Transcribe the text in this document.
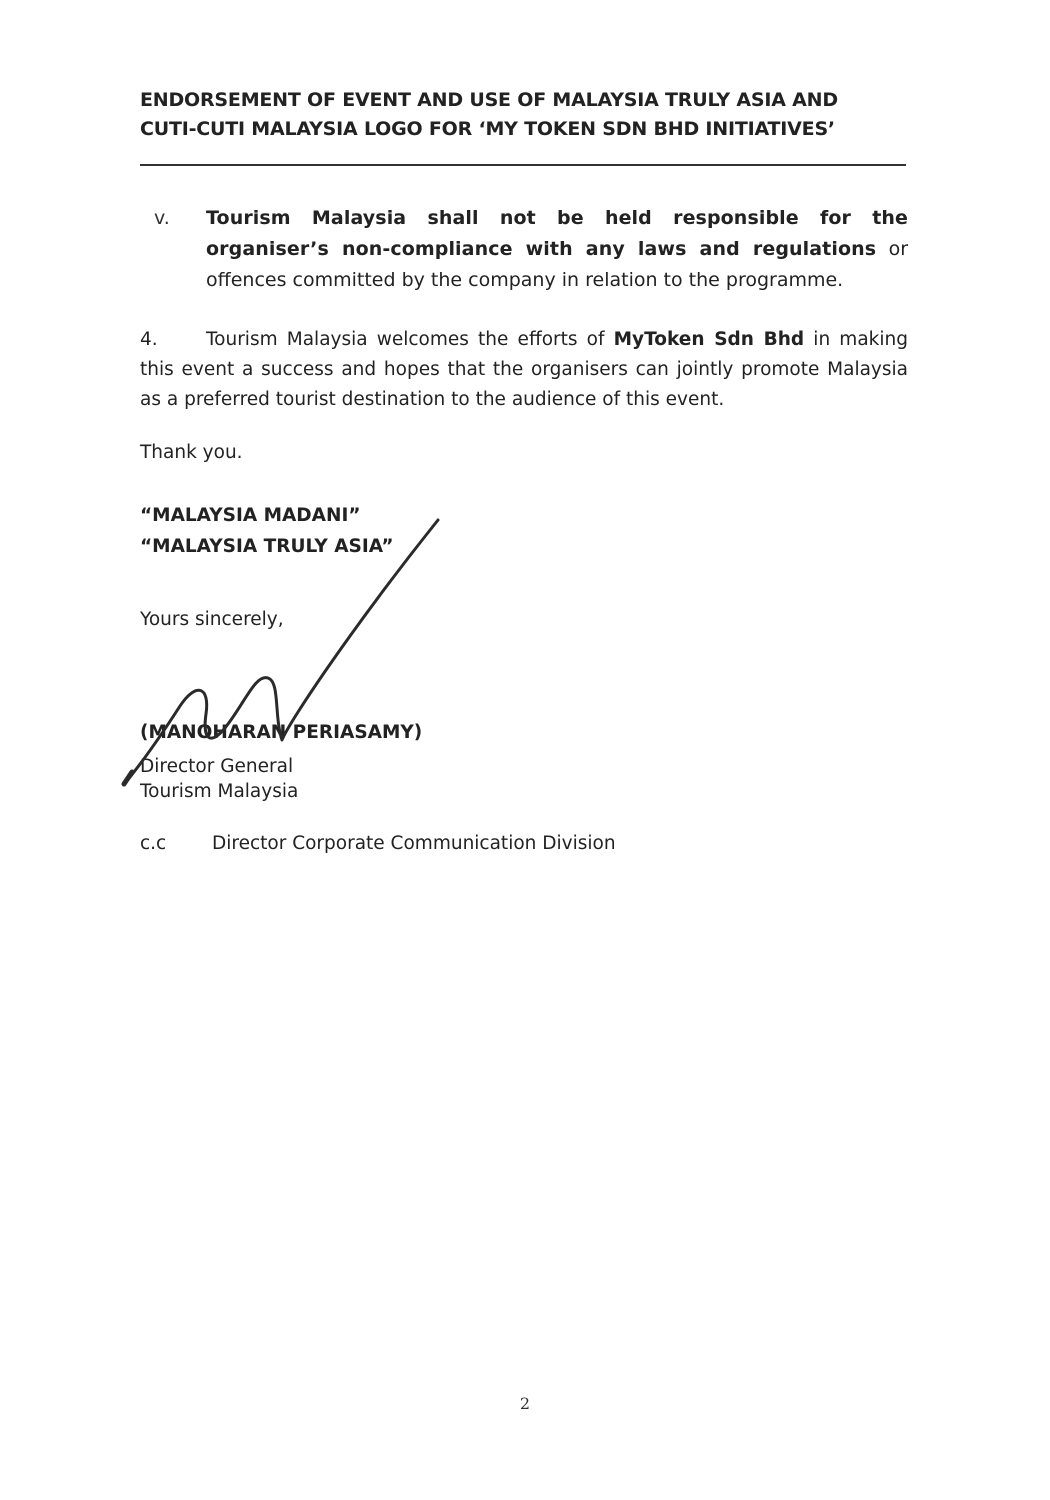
ENDORSEMENT OF EVENT AND USE OF MALAYSIA TRULY ASIA AND
CUTI-CUTI MALAYSIA LOGO FOR ‘MY TOKEN SDN BHD INITIATIVES’
v. Tourism Malaysia shall not be held responsible for the organiser’s non-compliance with any laws and regulations or offences committed by the company in relation to the programme.
4.	Tourism Malaysia welcomes the efforts of MyToken Sdn Bhd in making this event a success and hopes that the organisers can jointly promote Malaysia as a preferred tourist destination to the audience of this event.
Thank you.
“MALAYSIA MADANI”
“MALAYSIA TRULY ASIA”
Yours sincerely,
(MANOHARAN PERIASAMY)
Director General
Tourism Malaysia
c.c Director Corporate Communication Division
2
